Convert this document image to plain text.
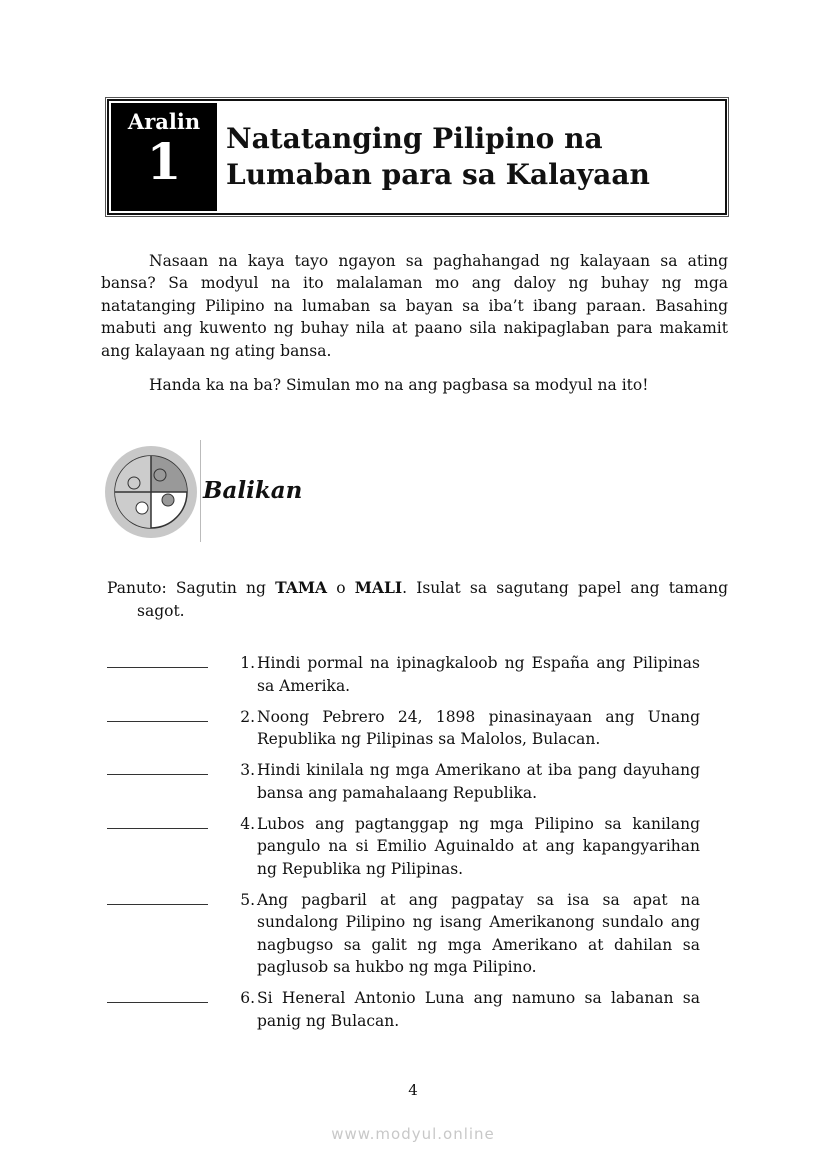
Aralin
1	Natatanging Pilipino na
Lumaban para sa Kalayaan

Nasaan na kaya tayo ngayon sa paghahangad ng kalayaan sa ating bansa? Sa modyul na ito malalaman mo ang daloy ng buhay ng mga natatanging Pilipino na lumaban sa bayan sa iba’t ibang paraan. Basahing mabuti ang kuwento ng buhay nila at paano sila nakipaglaban para makamit ang kalayaan ng ating bansa.

Handa ka na ba? Simulan mo na ang pagbasa sa modyul na ito!

Balikan
Panuto: Sagutin ng TAMA o MALI. Isulat sa sagutang papel ang tamang sagot.
1. Hindi pormal na ipinagkaloob ng España ang Pilipinas sa Amerika.
2. Noong Pebrero 24, 1898 pinasinayaan ang Unang Republika ng Pilipinas sa Malolos, Bulacan.
3. Hindi kinilala ng mga Amerikano at iba pang dayuhang bansa ang pamahalaang Republika.
4. Lubos ang pagtanggap ng mga Pilipino sa kanilang pangulo na si Emilio Aguinaldo at ang kapangyarihan ng Republika ng Pilipinas.
5. Ang pagbaril at ang pagpatay sa isa sa apat na sundalong Pilipino ng isang Amerikanong sundalo ang nagbugso sa galit ng mga Amerikano at dahilan sa paglusob sa hukbo ng mga Pilipino.
6. Si Heneral Antonio Luna ang namuno sa labanan sa panig ng Bulacan.
4
www.modyul.online
